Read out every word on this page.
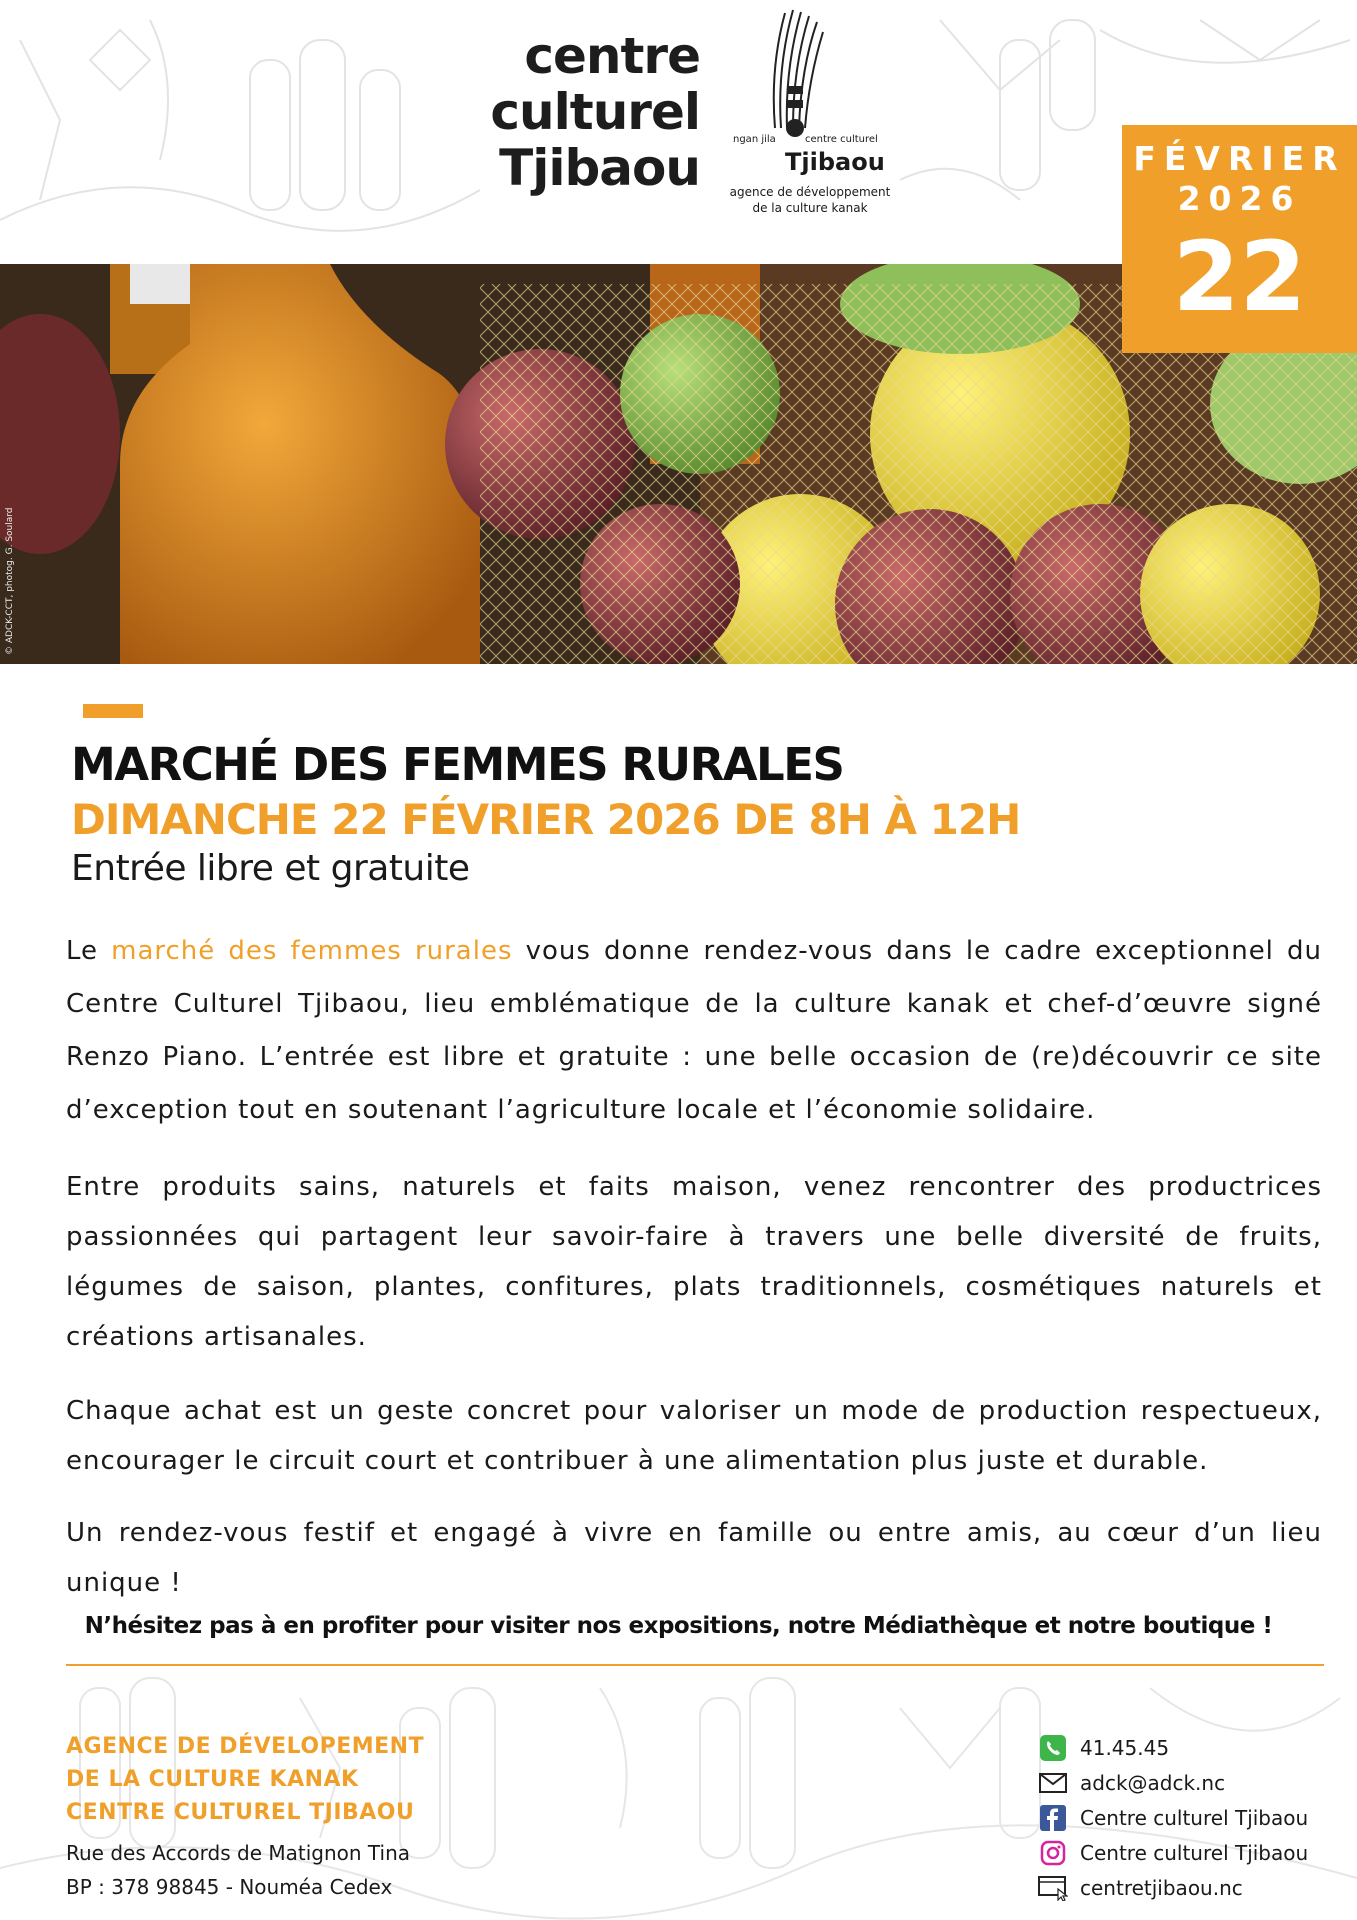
centre
culturel
Tjibaou	ngan jila	centre culturel
Tjibaou
agence de développement
de la culture kanak
© ADCK-CCT, photog. G. Soulard
FÉVRIER
2026
22
MARCHÉ DES FEMMES RURALES
DIMANCHE 22 FÉVRIER 2026 DE 8H À 12H
Entrée libre et gratuite
Le marché des femmes rurales vous donne rendez-vous dans le cadre exceptionnel du Centre Culturel Tjibaou, lieu emblématique de la culture kanak et chef-d’œuvre signé Renzo Piano. L’entrée est libre et gratuite : une belle occasion de (re)découvrir ce site d’exception tout en soutenant l’agriculture locale et l’économie solidaire.
Entre produits sains, naturels et faits maison, venez rencontrer des productrices passionnées qui partagent leur savoir-faire à travers une belle diversité de fruits, légumes de saison, plantes, confitures, plats traditionnels, cosmétiques naturels et créations artisanales.
Chaque achat est un geste concret pour valoriser un mode de production respectueux, encourager le circuit court et contribuer à une alimentation plus juste et durable.
Un rendez-vous festif et engagé à vivre en famille ou entre amis, au cœur d’un lieu unique !
N’hésitez pas à en profiter pour visiter nos expositions, notre Médiathèque et notre boutique !
AGENCE DE DÉVELOPEMENT
DE LA CULTURE KANAK
CENTRE CULTUREL TJIBAOU
Rue des Accords de Matignon Tina
BP : 378 98845 - Nouméa Cedex
41.45.45
adck@adck.nc
Centre culturel Tjibaou
Centre culturel Tjibaou
centretjibaou.nc
